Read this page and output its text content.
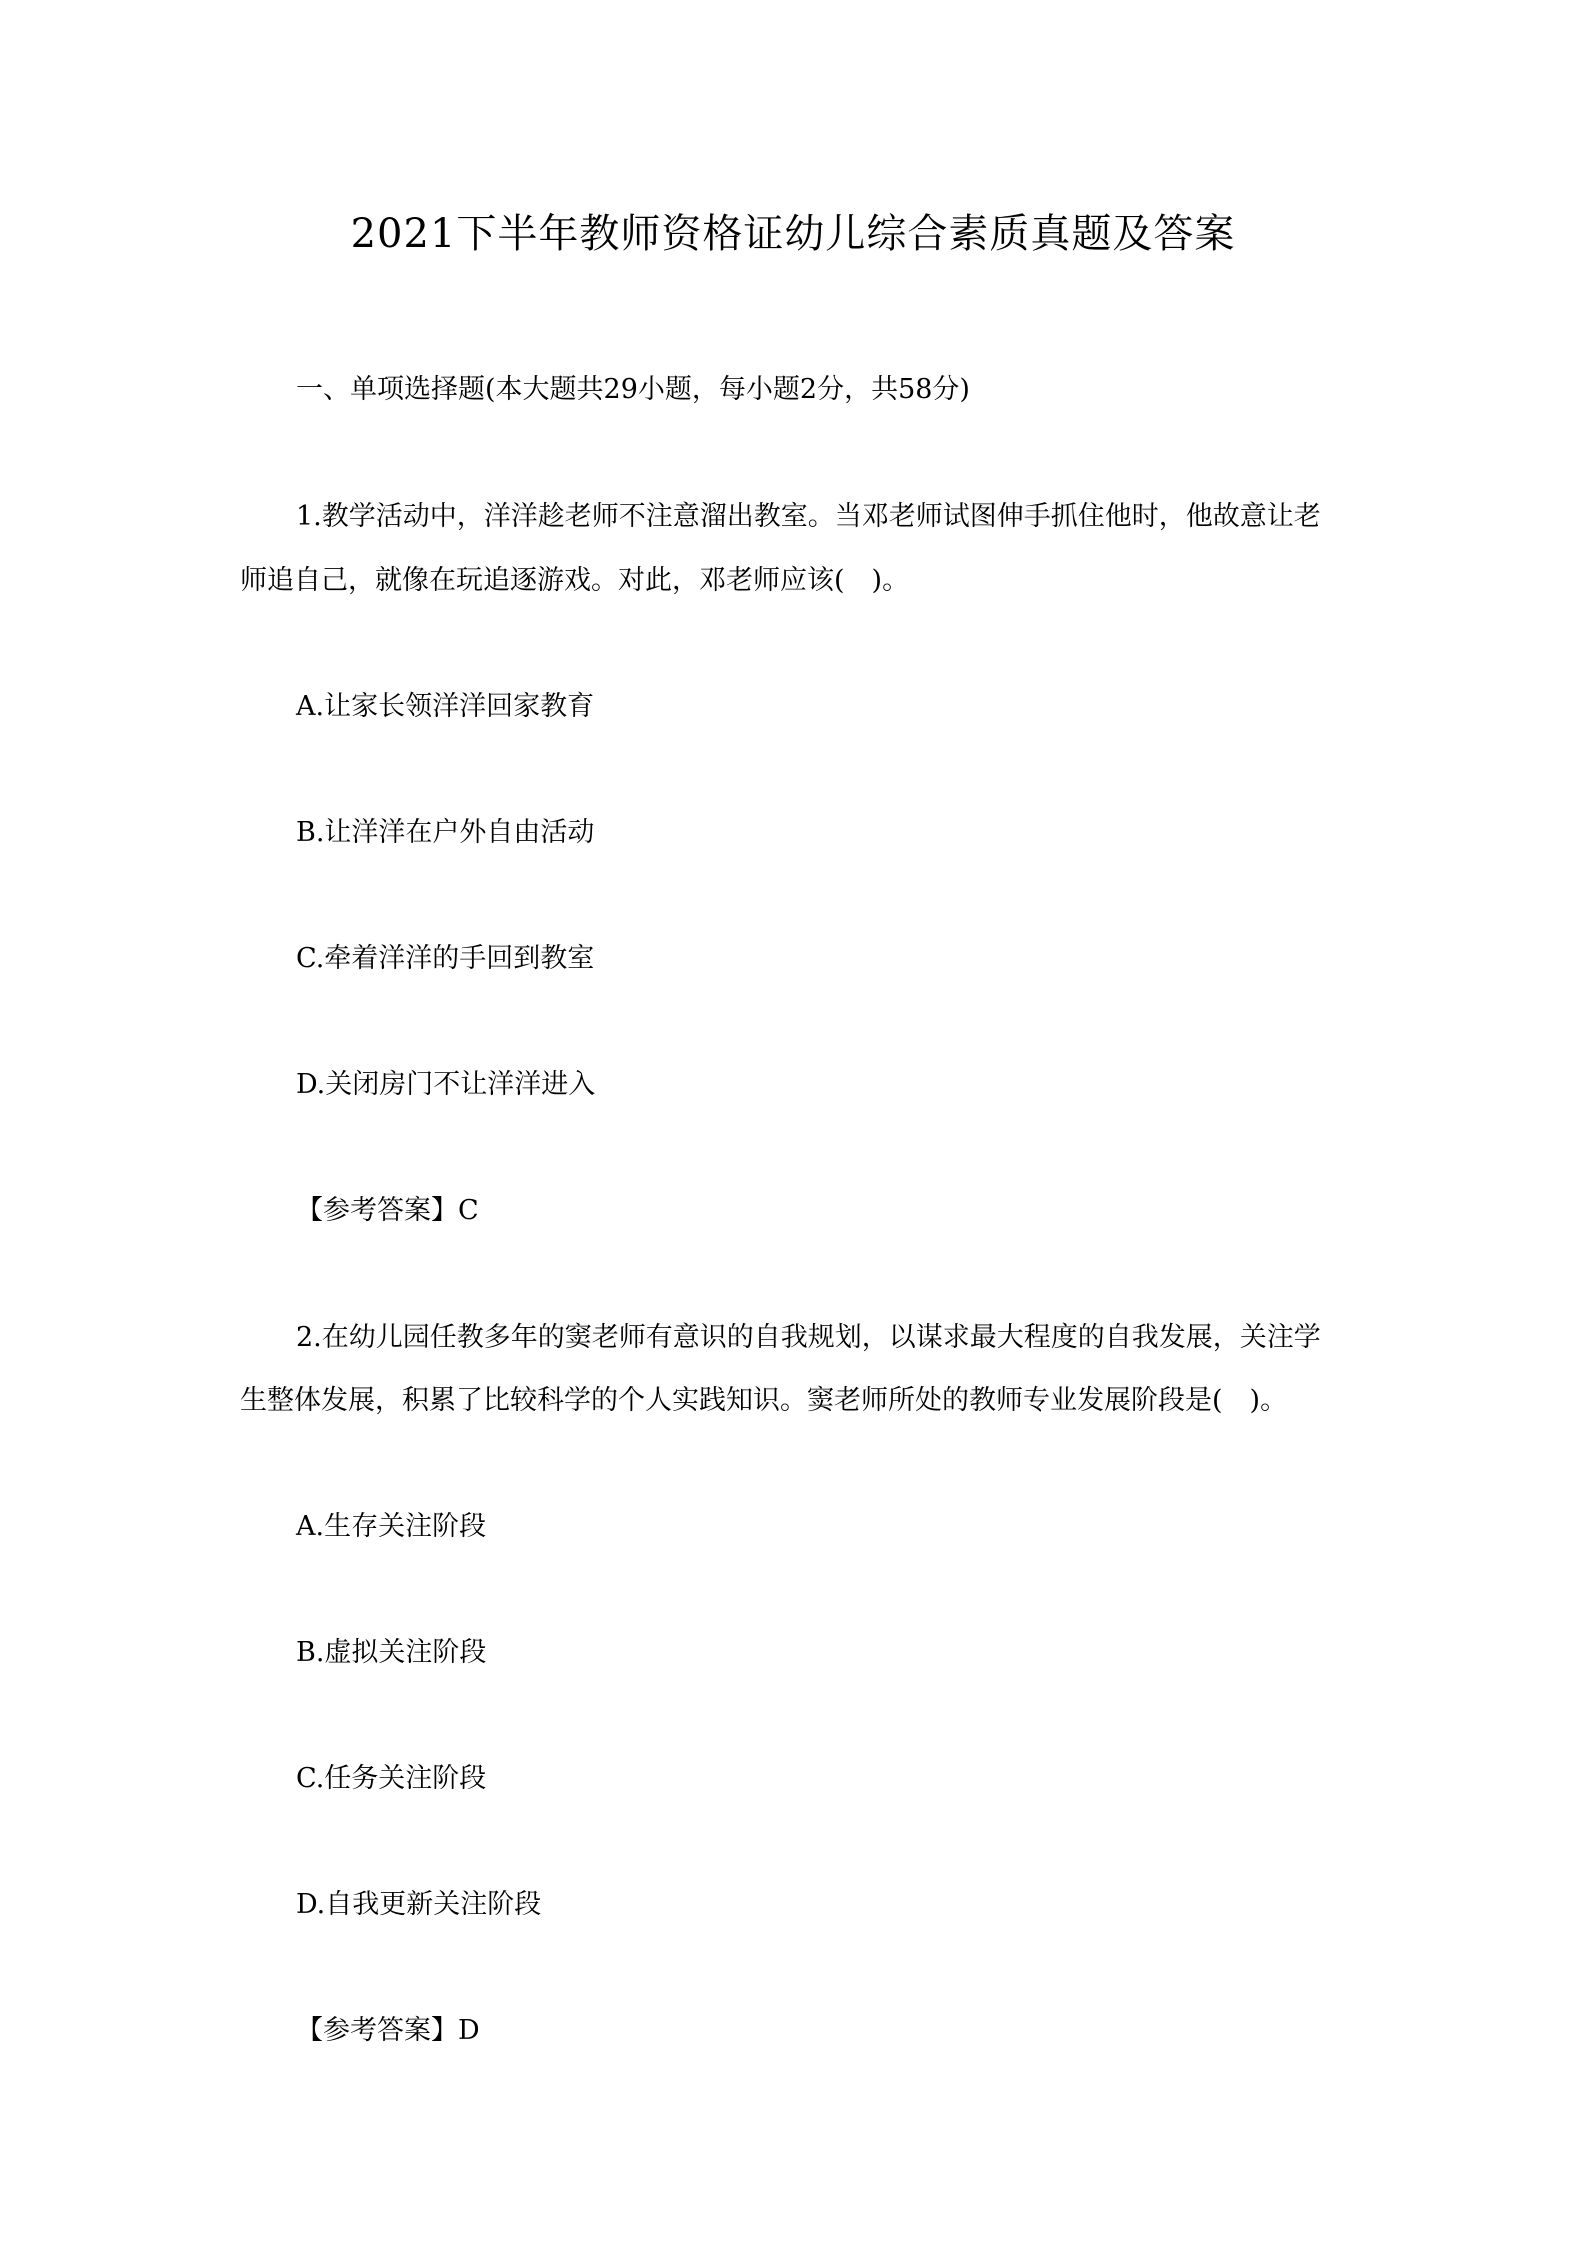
2021下半年教师资格证幼儿综合素质真题及答案

一、单项选择题(本大题共29小题，每小题2分，共58分)

1.教学活动中，洋洋趁老师不注意溜出教室。当邓老师试图伸手抓住他时，他故意让老

师追自己，就像在玩追逐游戏。对此，邓老师应该(　)。

A.让家长领洋洋回家教育

B.让洋洋在户外自由活动

C.牵着洋洋的手回到教室

D.关闭房门不让洋洋进入

【参考答案】C

2.在幼儿园任教多年的窦老师有意识的自我规划，以谋求最大程度的自我发展，关注学

生整体发展，积累了比较科学的个人实践知识。窦老师所处的教师专业发展阶段是(　)。

A.生存关注阶段

B.虚拟关注阶段

C.任务关注阶段

D.自我更新关注阶段

【参考答案】D
